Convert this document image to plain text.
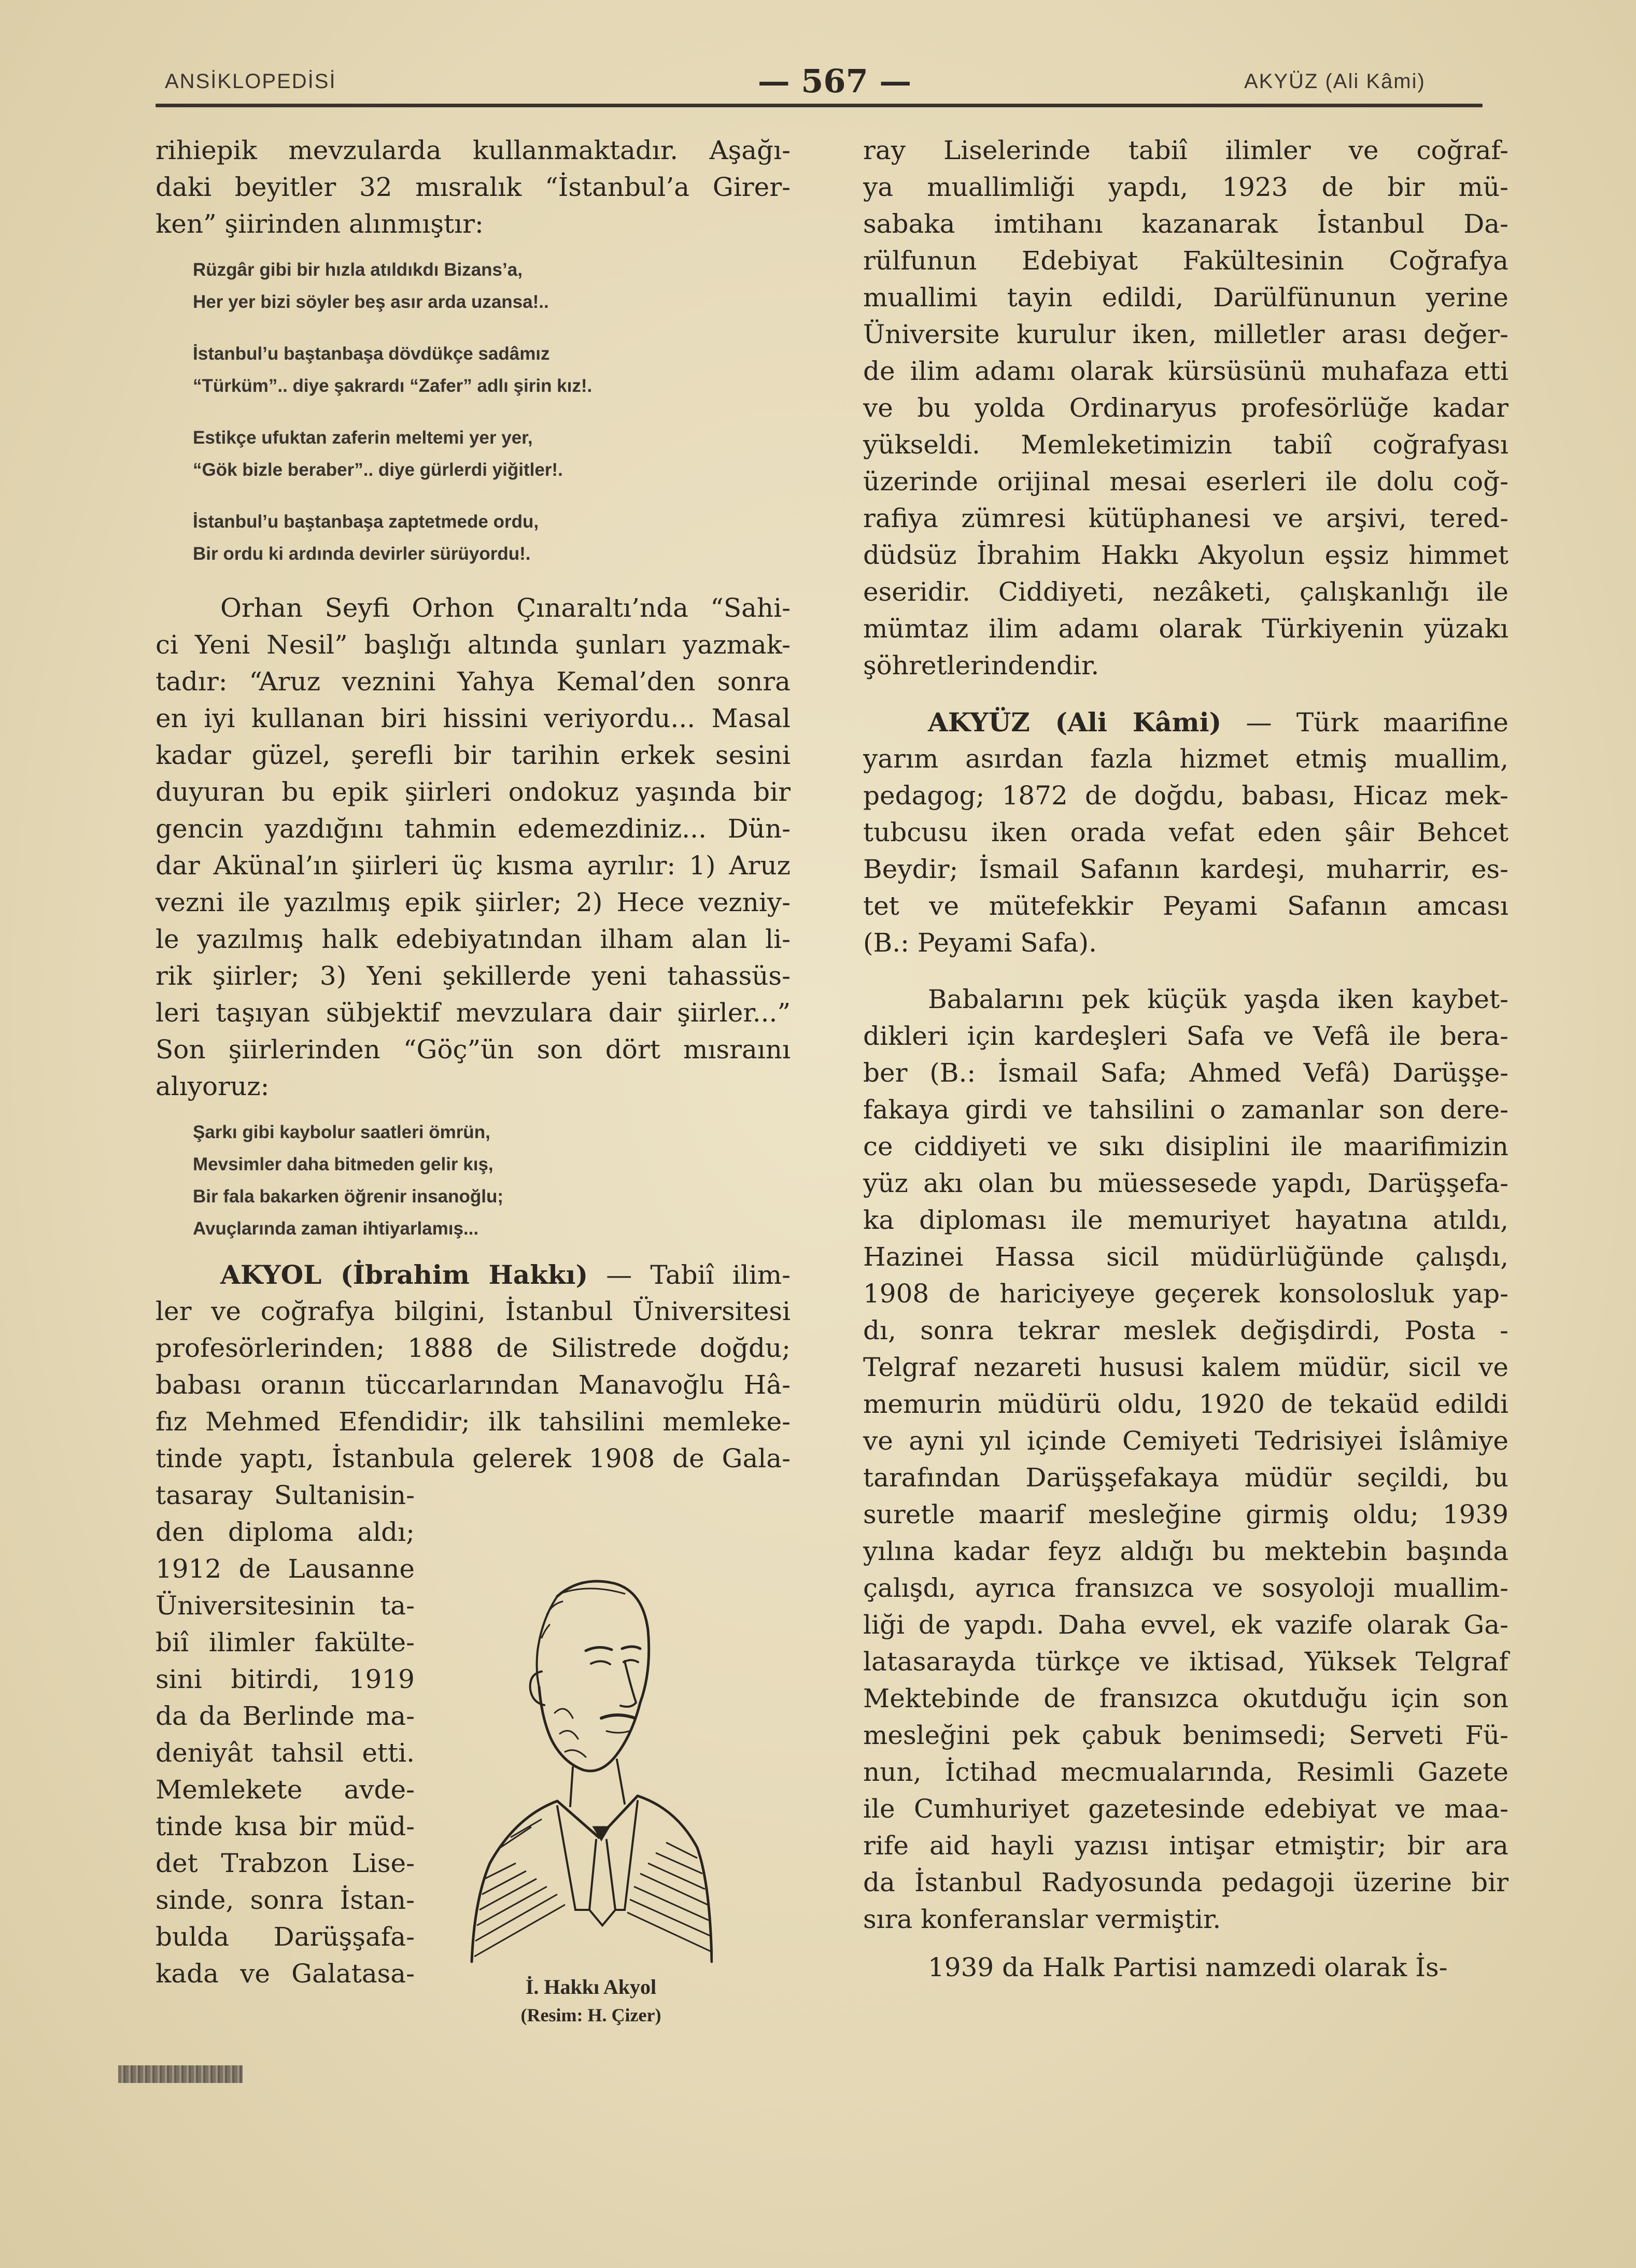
ANSİKLOPEDİSİ	— 567 —	AKYÜZ (Ali Kâmi)
rihiepik mevzularda kullanmaktadır. Aşağı-
daki beyitler 32 mısralık “İstanbul’a Girer-
ken” şiirinden alınmıştır:
Rüzgâr gibi bir hızla atıldıkdı Bizans’a,
Her yer bizi söyler beş asır arda uzansa!..
İstanbul’u baştanbaşa dövdükçe sadâmız
“Türküm”.. diye şakrardı “Zafer” adlı şirin kız!.
Estikçe ufuktan zaferin meltemi yer yer,
“Gök bizle beraber”.. diye gürlerdi yiğitler!.
İstanbul’u baştanbaşa zaptetmede ordu,
Bir ordu ki ardında devirler sürüyordu!.
Orhan Seyfi Orhon Çınaraltı’nda “Sahi-
ci Yeni Nesil” başlığı altında şunları yazmak-
tadır: “Aruz veznini Yahya Kemal’den sonra
en iyi kullanan biri hissini veriyordu... Masal
kadar güzel, şerefli bir tarihin erkek sesini
duyuran bu epik şiirleri ondokuz yaşında bir
gencin yazdığını tahmin edemezdiniz... Dün-
dar Akünal’ın şiirleri üç kısma ayrılır: 1) Aruz
vezni ile yazılmış epik şiirler; 2) Hece vezniy-
le yazılmış halk edebiyatından ilham alan li-
rik şiirler; 3) Yeni şekillerde yeni tahassüs-
leri taşıyan sübjektif mevzulara dair şiirler...”
Son şiirlerinden “Göç”ün son dört mısraını
alıyoruz:
Şarkı gibi kaybolur saatleri ömrün,
Mevsimler daha bitmeden gelir kış,
Bir fala bakarken öğrenir insanoğlu;
Avuçlarında zaman ihtiyarlamış...
AKYOL (İbrahim Hakkı) — Tabiî ilim-
ler ve coğrafya bilgini, İstanbul Üniversitesi
profesörlerinden; 1888 de Silistrede doğdu;
babası oranın tüccarlarından Manavoğlu Hâ-
fız Mehmed Efendidir; ilk tahsilini memleke-
tinde yaptı, İstanbula gelerek 1908 de Gala-
tasaray Sultanisin-
den diploma aldı;
1912 de Lausanne
Üniversitesinin ta-
biî ilimler fakülte-
sini bitirdi, 1919
da da Berlinde ma-
deniyât tahsil etti.
Memlekete avde-
tinde kısa bir müd-
det Trabzon Lise-
sinde, sonra İstan-
bulda Darüşşafa-
kada ve Galatasa-	İ. Hakkı Akyol
(Resim: H. Çizer)
ray Liselerinde tabiî ilimler ve coğraf-
ya muallimliği yapdı, 1923 de bir mü-
sabaka imtihanı kazanarak İstanbul Da-
rülfunun Edebiyat Fakültesinin Coğrafya
muallimi tayin edildi, Darülfünunun yerine
Üniversite kurulur iken, milletler arası değer-
de ilim adamı olarak kürsüsünü muhafaza etti
ve bu yolda Ordinaryus profesörlüğe kadar
yükseldi. Memleketimizin tabiî coğrafyası
üzerinde orijinal mesai eserleri ile dolu coğ-
rafiya zümresi kütüphanesi ve arşivi, tered-
düdsüz İbrahim Hakkı Akyolun eşsiz himmet
eseridir. Ciddiyeti, nezâketi, çalışkanlığı ile
mümtaz ilim adamı olarak Türkiyenin yüzakı
şöhretlerindendir.
AKYÜZ (Ali Kâmi) — Türk maarifine
yarım asırdan fazla hizmet etmiş muallim,
pedagog; 1872 de doğdu, babası, Hicaz mek-
tubcusu iken orada vefat eden şâir Behcet
Beydir; İsmail Safanın kardeşi, muharrir, es-
tet ve mütefekkir Peyami Safanın amcası
(B.: Peyami Safa).
Babalarını pek küçük yaşda iken kaybet-
dikleri için kardeşleri Safa ve Vefâ ile bera-
ber (B.: İsmail Safa; Ahmed Vefâ) Darüşşe-
fakaya girdi ve tahsilini o zamanlar son dere-
ce ciddiyeti ve sıkı disiplini ile maarifimizin
yüz akı olan bu müessesede yapdı, Darüşşefa-
ka diploması ile memuriyet hayatına atıldı,
Hazinei Hassa sicil müdürlüğünde çalışdı,
1908 de hariciyeye geçerek konsolosluk yap-
dı, sonra tekrar meslek değişdirdi, Posta -
Telgraf nezareti hususi kalem müdür, sicil ve
memurin müdürü oldu, 1920 de tekaüd edildi
ve ayni yıl içinde Cemiyeti Tedrisiyei İslâmiye
tarafından Darüşşefakaya müdür seçildi, bu
suretle maarif mesleğine girmiş oldu; 1939
yılına kadar feyz aldığı bu mektebin başında
çalışdı, ayrıca fransızca ve sosyoloji muallim-
liği de yapdı. Daha evvel, ek vazife olarak Ga-
latasarayda türkçe ve iktisad, Yüksek Telgraf
Mektebinde de fransızca okutduğu için son
mesleğini pek çabuk benimsedi; Serveti Fü-
nun, İctihad mecmualarında, Resimli Gazete
ile Cumhuriyet gazetesinde edebiyat ve maa-
rife aid hayli yazısı intişar etmiştir; bir ara
da İstanbul Radyosunda pedagoji üzerine bir
sıra konferanslar vermiştir.
1939 da Halk Partisi namzedi olarak İs-
